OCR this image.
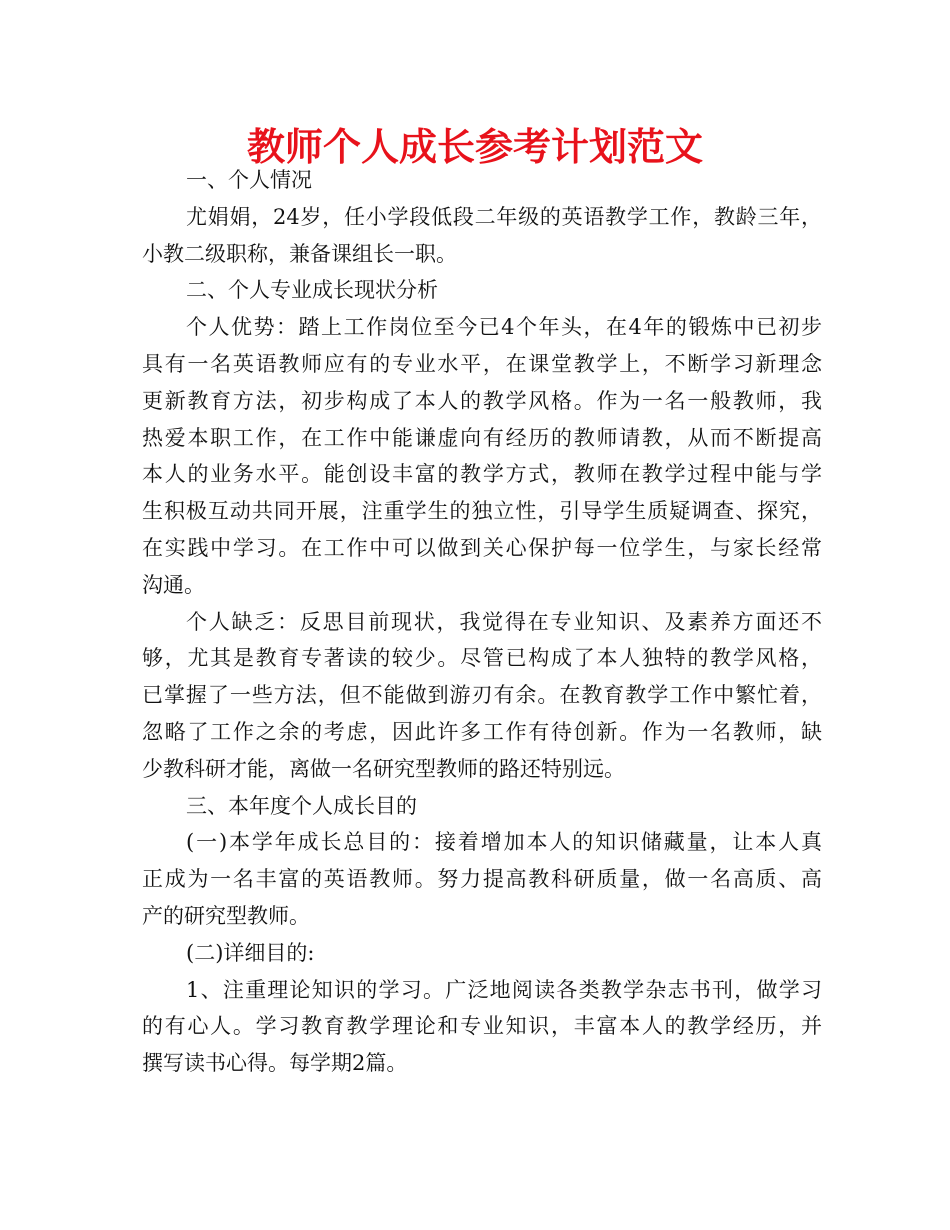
教师个人成长参考计划范文
一、个人情况
尤娟娟，24岁，任小学段低段二年级的英语教学工作，教龄三年，
小教二级职称，兼备课组长一职。
二、个人专业成长现状分析
个人优势：踏上工作岗位至今已4个年头，在4年的锻炼中已初步
具有一名英语教师应有的专业水平，在课堂教学上，不断学习新理念
更新教育方法，初步构成了本人的教学风格。作为一名一般教师，我
热爱本职工作，在工作中能谦虚向有经历的教师请教，从而不断提高
本人的业务水平。能创设丰富的教学方式，教师在教学过程中能与学
生积极互动共同开展，注重学生的独立性，引导学生质疑调查、探究，
在实践中学习。在工作中可以做到关心保护每一位学生，与家长经常
沟通。
个人缺乏：反思目前现状，我觉得在专业知识、及素养方面还不
够，尤其是教育专著读的较少。尽管已构成了本人独特的教学风格，
已掌握了一些方法，但不能做到游刃有余。在教育教学工作中繁忙着，
忽略了工作之余的考虑，因此许多工作有待创新。作为一名教师，缺
少教科研才能，离做一名研究型教师的路还特别远。
三、本年度个人成长目的
(一)本学年成长总目的：接着增加本人的知识储藏量，让本人真
正成为一名丰富的英语教师。努力提高教科研质量，做一名高质、高
产的研究型教师。
(二)详细目的:
1、注重理论知识的学习。广泛地阅读各类教学杂志书刊，做学习
的有心人。学习教育教学理论和专业知识，丰富本人的教学经历，并
撰写读书心得。每学期2篇。
